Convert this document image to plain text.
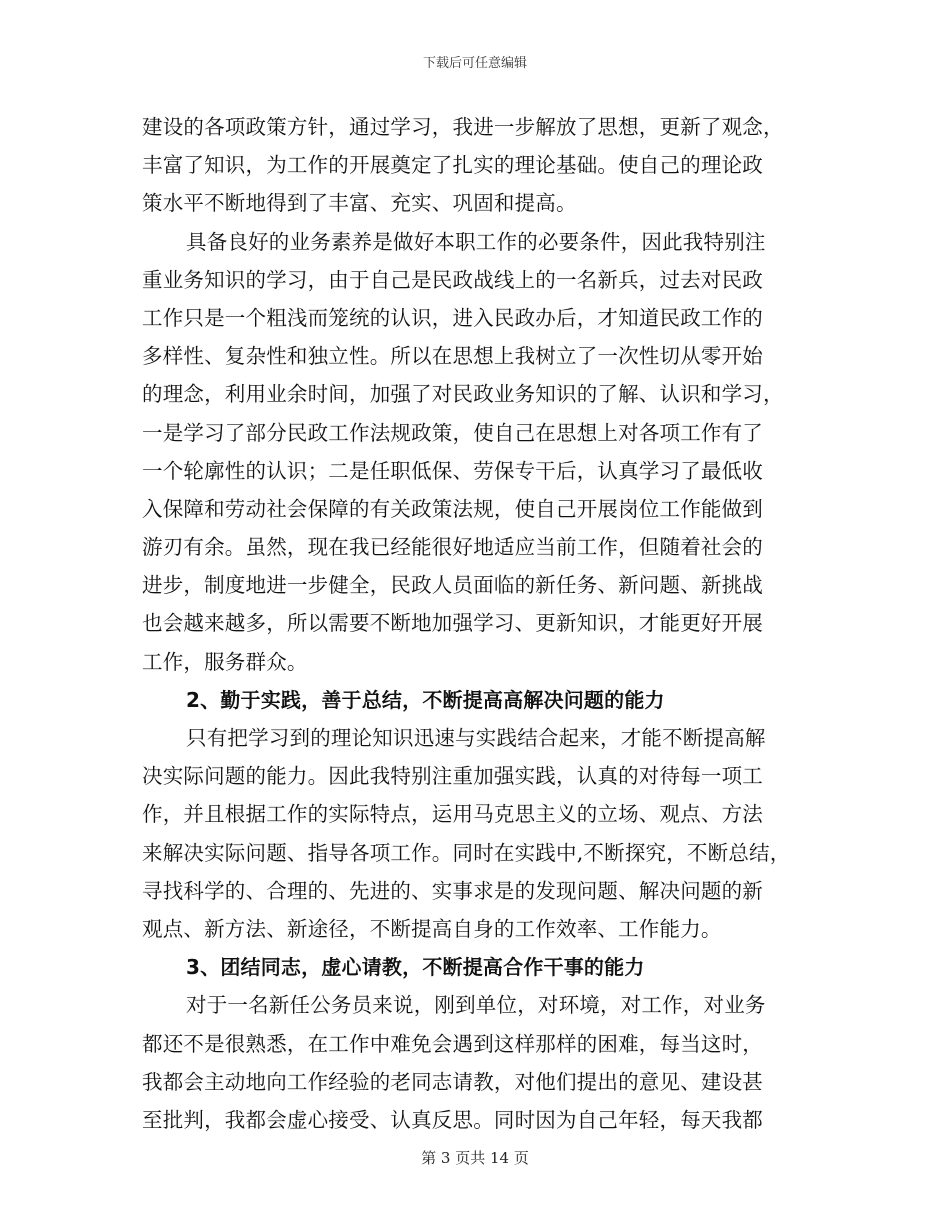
下载后可任意编辑
建设的各项政策方针，通过学习，我进一步解放了思想，更新了观念，
丰富了知识，为工作的开展奠定了扎实的理论基础。使自己的理论政
策水平不断地得到了丰富、充实、巩固和提高。
具备良好的业务素养是做好本职工作的必要条件，因此我特别注
重业务知识的学习，由于自己是民政战线上的一名新兵，过去对民政
工作只是一个粗浅而笼统的认识，进入民政办后，才知道民政工作的
多样性、复杂性和独立性。所以在思想上我树立了一次性切从零开始
的理念，利用业余时间，加强了对民政业务知识的了解、认识和学习，
一是学习了部分民政工作法规政策，使自己在思想上对各项工作有了
一个轮廓性的认识；二是任职低保、劳保专干后，认真学习了最低收
入保障和劳动社会保障的有关政策法规，使自己开展岗位工作能做到
游刃有余。虽然，现在我已经能很好地适应当前工作，但随着社会的
进步，制度地进一步健全，民政人员面临的新任务、新问题、新挑战
也会越来越多，所以需要不断地加强学习、更新知识，才能更好开展
工作，服务群众。
2、勤于实践，善于总结，不断提高高解决问题的能力
只有把学习到的理论知识迅速与实践结合起来，才能不断提高解
决实际问题的能力。因此我特别注重加强实践，认真的对待每一项工
作，并且根据工作的实际特点，运用马克思主义的立场、观点、方法
来解决实际问题、指导各项工作。同时在实践中,不断探究，不断总结，
寻找科学的、合理的、先进的、实事求是的发现问题、解决问题的新
观点、新方法、新途径，不断提高自身的工作效率、工作能力。
3、团结同志，虚心请教，不断提高合作干事的能力
对于一名新任公务员来说，刚到单位，对环境，对工作，对业务
都还不是很熟悉，在工作中难免会遇到这样那样的困难，每当这时，
我都会主动地向工作经验的老同志请教，对他们提出的意见、建设甚
至批判，我都会虚心接受、认真反思。同时因为自己年轻，每天我都
第 3 页共 14 页
